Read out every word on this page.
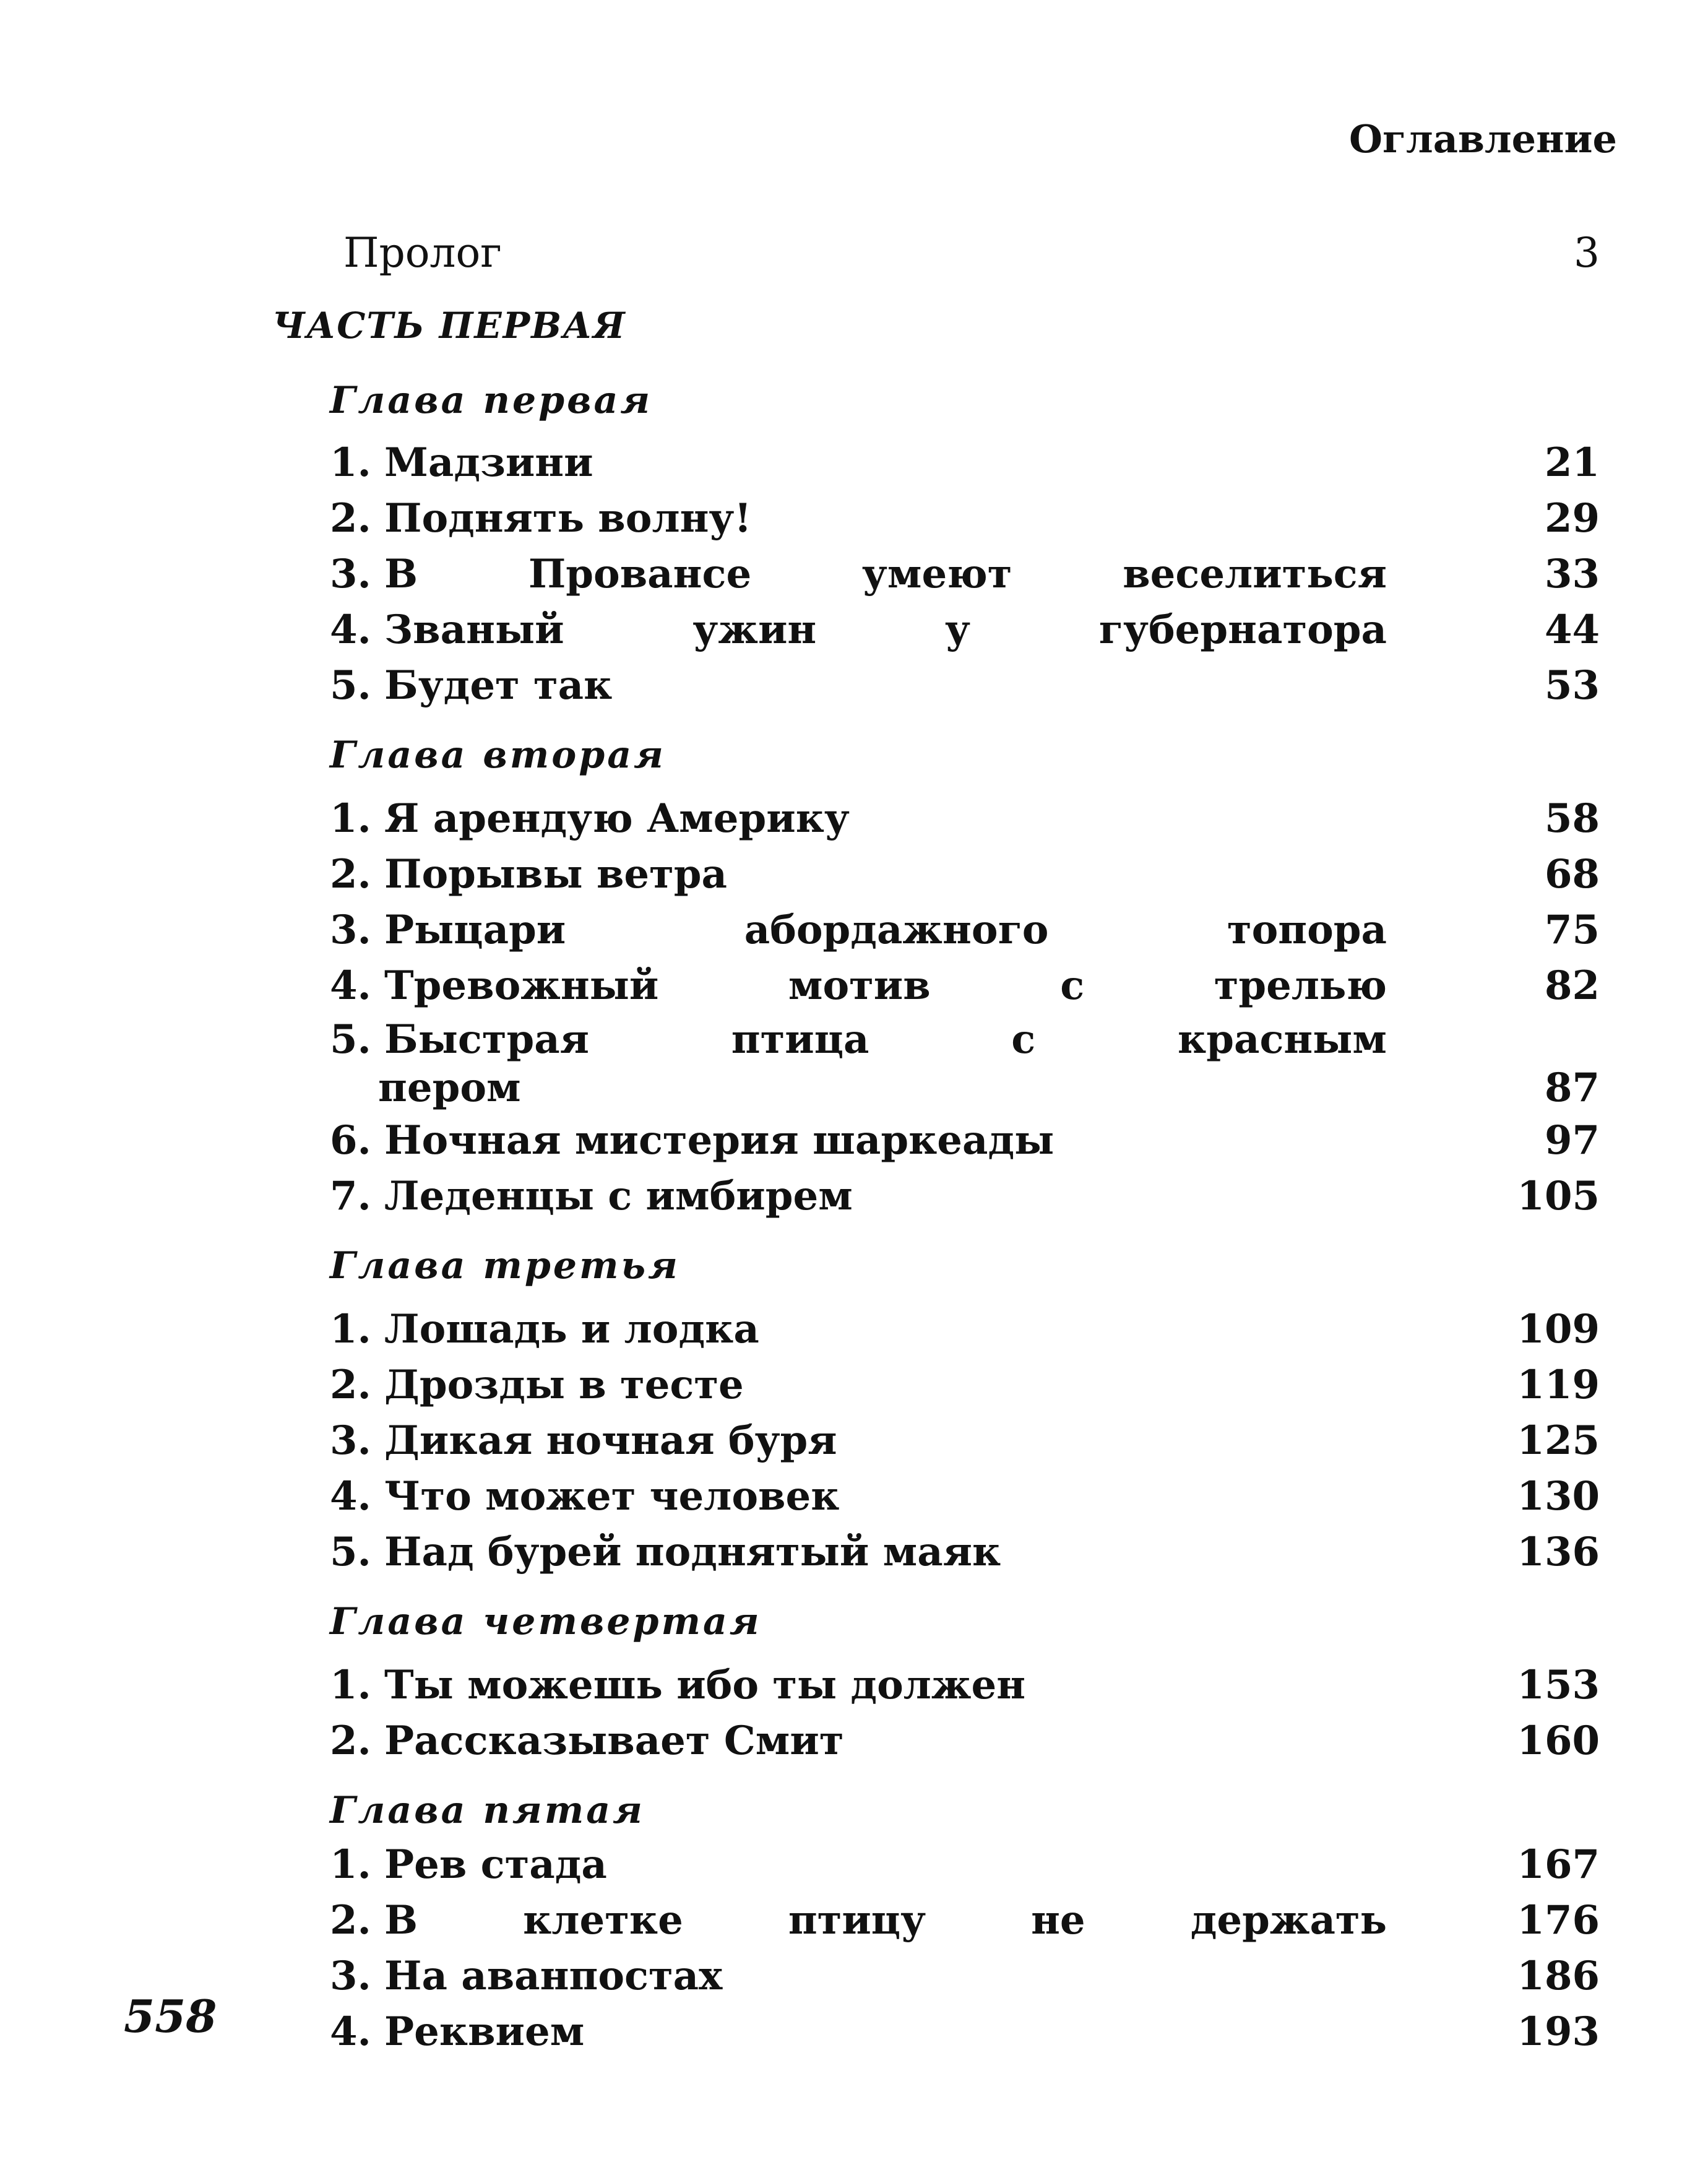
Оглавление
Пролог	3
ЧАСТЬ ПЕРВАЯ
Глава первая
1. Мадзини	21
2. Поднять волну!	29
3. В Провансе умеют веселиться	33
4. Званый ужин у губернатора	44
5. Будет так	53
Глава вторая
1. Я арендую Америку	58
2. Порывы ветра	68
3. Рыцари абордажного топора	75
4. Тревожный мотив с трелью	82
5. Быстрая птица с красным
пером	87
6. Ночная мистерия шаркеады	97
7. Леденцы с имбирем	105
Глава третья
1. Лошадь и лодка	109
2. Дрозды в тесте	119
3. Дикая ночная буря	125
4. Что может человек	130
5. Над бурей поднятый маяк	136
Глава четвертая
1. Ты можешь ибо ты должен	153
2. Рассказывает Смит	160
Глава пятая
1. Рев стада	167
2. В клетке птицу не держать	176
3. На аванпостах	186
4. Реквием	193
558
